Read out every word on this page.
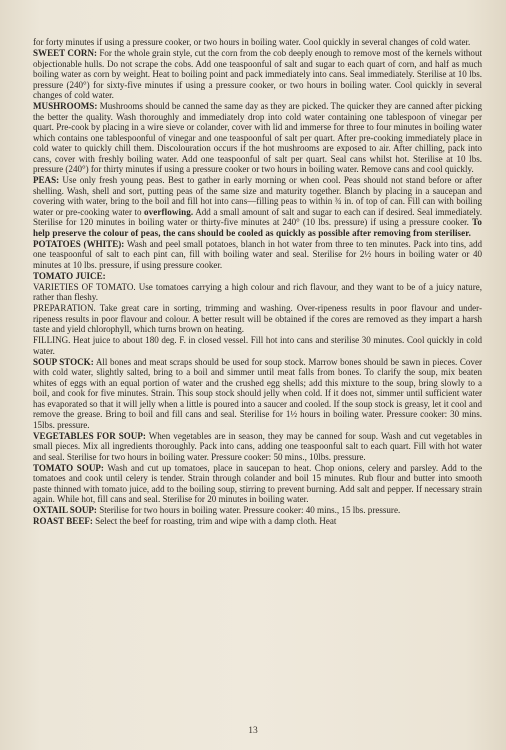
for forty minutes if using a pressure cooker, or two hours in boiling water. Cool quickly in several changes of cold water.

SWEET CORN: For the whole grain style, cut the corn from the cob deeply enough to remove most of the kernels without objectionable hulls. Do not scrape the cobs. Add one teaspoonful of salt and sugar to each quart of corn, and half as much boiling water as corn by weight. Heat to boiling point and pack immediately into cans. Seal immediately. Sterilise at 10 lbs. pressure (240°) for sixty-five minutes if using a pressure cooker, or two hours in boiling water. Cool quickly in several changes of cold water.

MUSHROOMS: Mushrooms should be canned the same day as they are picked. The quicker they are canned after picking the better the quality. Wash thoroughly and immediately drop into cold water containing one tablespoon of vinegar per quart. Pre-cook by placing in a wire sieve or colander, cover with lid and immerse for three to four minutes in boiling water which contains one tablespoonful of vinegar and one teaspoonful of salt per quart. After pre-cooking immediately place in cold water to quickly chill them. Discolouration occurs if the hot mushrooms are exposed to air. After chilling, pack into cans, cover with freshly boiling water. Add one teaspoonful of salt per quart. Seal cans whilst hot. Sterilise at 10 lbs. pressure (240°) for thirty minutes if using a pressure cooker or two hours in boiling water. Remove cans and cool quickly.

PEAS: Use only fresh young peas. Best to gather in early morning or when cool. Peas should not stand before or after shelling. Wash, shell and sort, putting peas of the same size and maturity together. Blanch by placing in a saucepan and covering with water, bring to the boil and fill hot into cans—filling peas to within ¾ in. of top of can. Fill can with boiling water or pre-cooking water to overflowing. Add a small amount of salt and sugar to each can if desired. Seal immediately. Sterilise for 120 minutes in boiling water or thirty-five minutes at 240° (10 lbs. pressure) if using a pressure cooker. To help preserve the colour of peas, the cans should be cooled as quickly as possible after removing from steriliser.

POTATOES (WHITE): Wash and peel small potatoes, blanch in hot water from three to ten minutes. Pack into tins, add one teaspoonful of salt to each pint can, fill with boiling water and seal. Sterilise for 2½ hours in boiling water or 40 minutes at 10 lbs. pressure, if using pressure cooker.

TOMATO JUICE:

VARIETIES OF TOMATO. Use tomatoes carrying a high colour and rich flavour, and they want to be of a juicy nature, rather than fleshy.

PREPARATION. Take great care in sorting, trimming and washing. Over-ripeness results in poor flavour and under-ripeness results in poor flavour and colour. A better result will be obtained if the cores are removed as they impart a harsh taste and yield chlorophyll, which turns brown on heating.

FILLING. Heat juice to about 180 deg. F. in closed vessel. Fill hot into cans and sterilise 30 minutes. Cool quickly in cold water.

SOUP STOCK: All bones and meat scraps should be used for soup stock. Marrow bones should be sawn in pieces. Cover with cold water, slightly salted, bring to a boil and simmer until meat falls from bones. To clarify the soup, mix beaten whites of eggs with an equal portion of water and the crushed egg shells; add this mixture to the soup, bring slowly to a boil, and cook for five minutes. Strain. This soup stock should jelly when cold. If it does not, simmer until sufficient water has evaporated so that it will jelly when a little is poured into a saucer and cooled. If the soup stock is greasy, let it cool and remove the grease. Bring to boil and fill cans and seal. Sterilise for 1½ hours in boiling water. Pressure cooker: 30 mins. 15lbs. pressure.

VEGETABLES FOR SOUP: When vegetables are in season, they may be canned for soup. Wash and cut vegetables in small pieces. Mix all ingredients thoroughly. Pack into cans, adding one teaspoonful salt to each quart. Fill with hot water and seal. Sterilise for two hours in boiling water. Pressure cooker: 50 mins., 10lbs. pressure.

TOMATO SOUP: Wash and cut up tomatoes, place in saucepan to heat. Chop onions, celery and parsley. Add to the tomatoes and cook until celery is tender. Strain through colander and boil 15 minutes. Rub flour and butter into smooth paste thinned with tomato juice, add to the boiling soup, stirring to prevent burning. Add salt and pepper. If necessary strain again. While hot, fill cans and seal. Sterilise for 20 minutes in boiling water.

OXTAIL SOUP: Sterilise for two hours in boiling water. Pressure cooker: 40 mins., 15 lbs. pressure.

ROAST BEEF: Select the beef for roasting, trim and wipe with a damp cloth. Heat

13
